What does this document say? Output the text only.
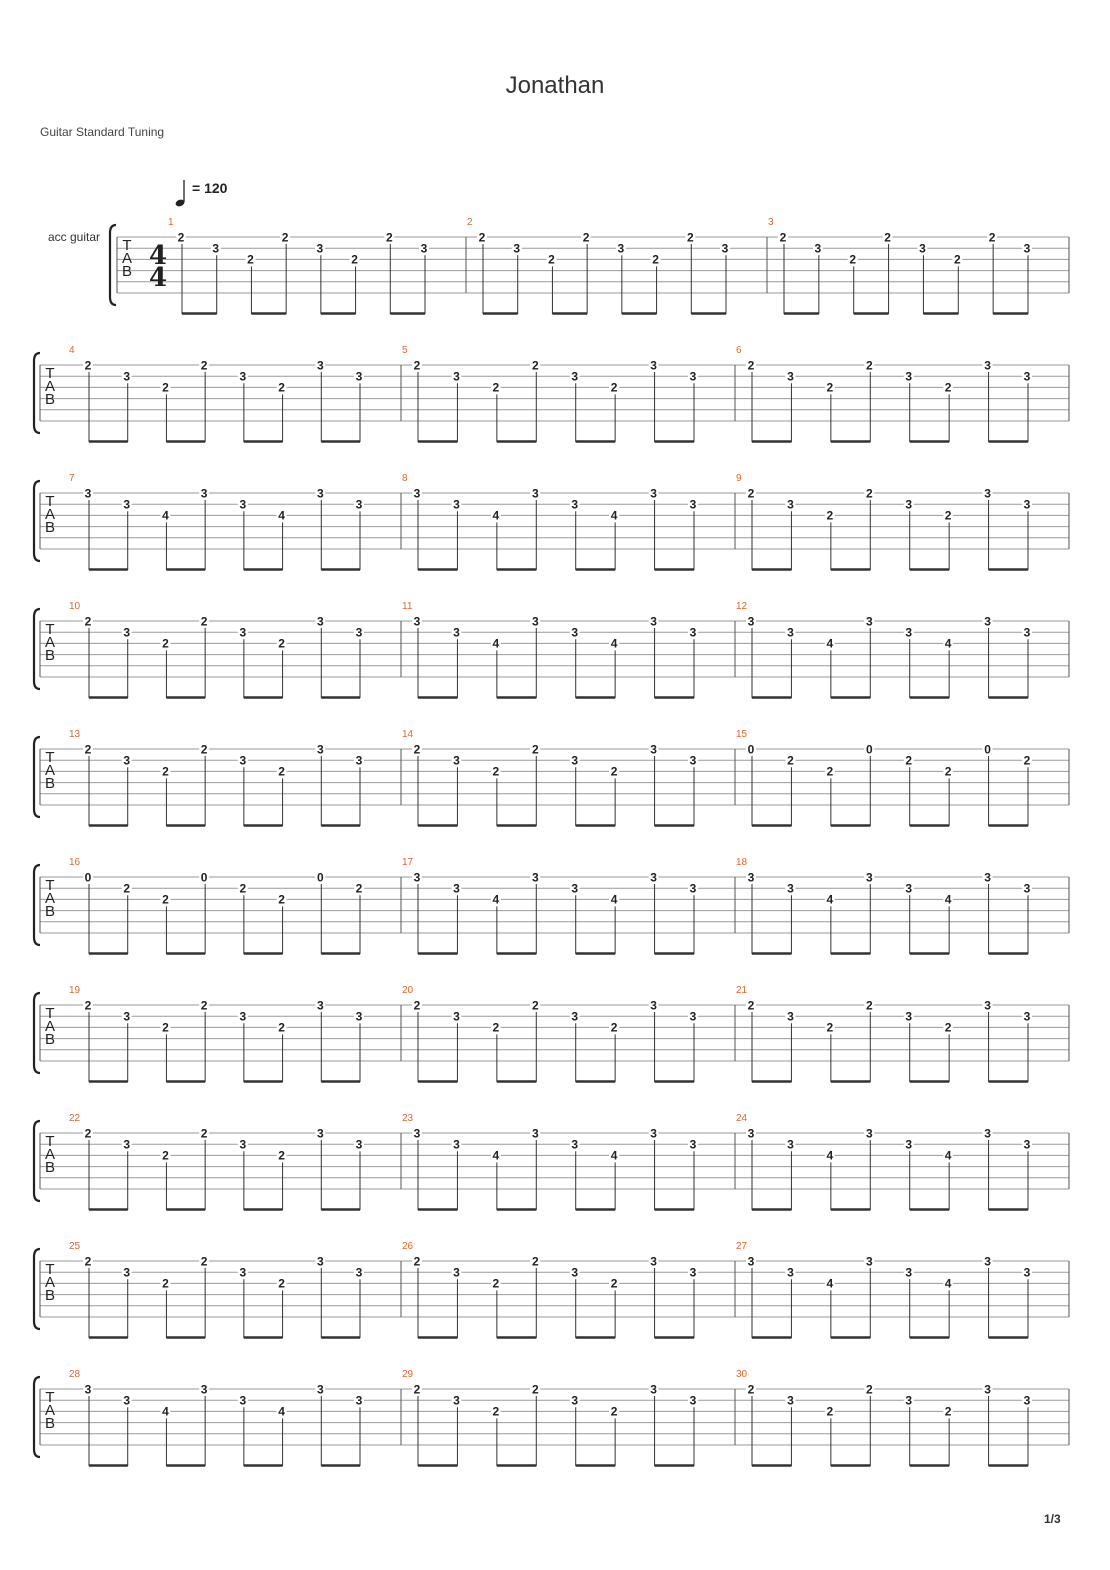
Jonathan
Guitar Standard Tuning
= 120
acc guitar T
A
B
4
4
1
2
3
2
2
3
2
2
3
2
2
3
2
2
3
2
2
3
3
2
3
2
2
3
2
2
3
T
A
B
4
2
3
2
2
3
2
3
3
5
2
3
2
2
3
2
3
3
6
2
3
2
2
3
2
3
3
T
A
B
7
3
3
4
3
3
4
3
3
8
3
3
4
3
3
4
3
3
9
2
3
2
2
3
2
3
3
T
A
B
10
2
3
2
2
3
2
3
3
11
3
3
4
3
3
4
3
3
12
3
3
4
3
3
4
3
3
T
A
B
13
2
3
2
2
3
2
3
3
14
2
3
2
2
3
2
3
3
15
0
2
2
0
2
2
0
2
T
A
B
16
0
2
2
0
2
2
0
2
17
3
3
4
3
3
4
3
3
18
3
3
4
3
3
4
3
3
T
A
B
19
2
3
2
2
3
2
3
3
20
2
3
2
2
3
2
3
3
21
2
3
2
2
3
2
3
3
T
A
B
22
2
3
2
2
3
2
3
3
23
3
3
4
3
3
4
3
3
24
3
3
4
3
3
4
3
3
T
A
B
25
2
3
2
2
3
2
3
3
26
2
3
2
2
3
2
3
3
27
3
3
4
3
3
4
3
3
T
A
B
28
3
3
4
3
3
4
3
3
29
2
3
2
2
3
2
3
3
30
2
3
2
2
3
2
3
3
1/3
